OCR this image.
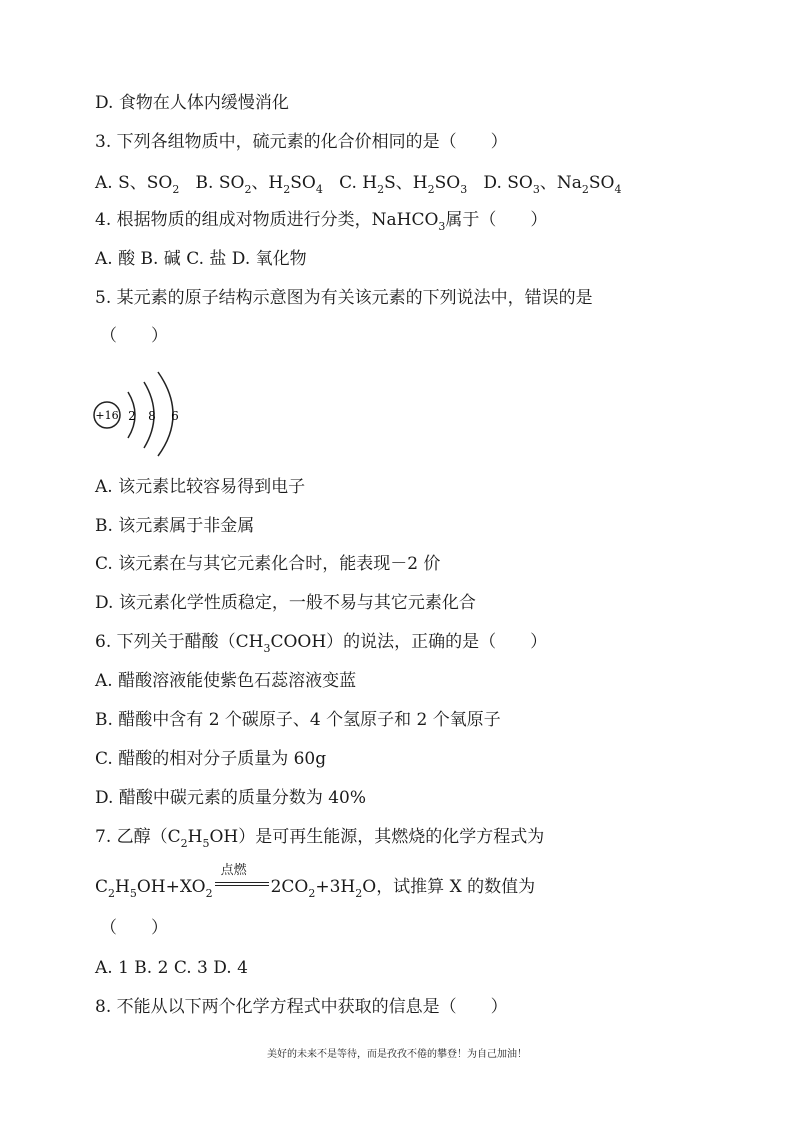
D. 食物在人体内缓慢消化
3. 下列各组物质中，硫元素的化合价相同的是（　　）
A. S、$SO_2$ B. $SO_2$、$H_2SO_4$ C. $H_2S$、$H_2SO_3$ D. $SO_3$、$Na_2SO_4$
4. 根据物质的组成对物质进行分类，NaHCO$_3$属于（　　）
A. 酸 B. 碱 C. 盐 D. 氧化物
5. 某元素的原子结构示意图为有关该元素的下列说法中，错误的是
（　　）
+16 2 8 6
A. 该元素比较容易得到电子
B. 该元素属于非金属
C. 该元素在与其它元素化合时，能表现－2 价
D. 该元素化学性质稳定，一般不易与其它元素化合
6. 下列关于醋酸$(CH_3COOH)$的说法，正确的是（　　）
A. 醋酸溶液能使紫色石蕊溶液变蓝
B. 醋酸中含有 2 个碳原子、4 个氢原子和 2 个氧原子
C. 醋酸的相对分子质量为 60g
D. 醋酸中碳元素的质量分数为 40%
7. 乙醇$(C_2H_5OH)$是可再生能源，其燃烧的化学方程式为
$C_2H_5OH+XO_2$
点燃
$2CO_2+3H_2O$，试推算 X 的数值为
（　　）
A. 1 B. 2 C. 3 D. 4
8. 不能从以下两个化学方程式中获取的信息是（　　）
美好的未来不是等待，而是孜孜不倦的攀登！为自己加油！
